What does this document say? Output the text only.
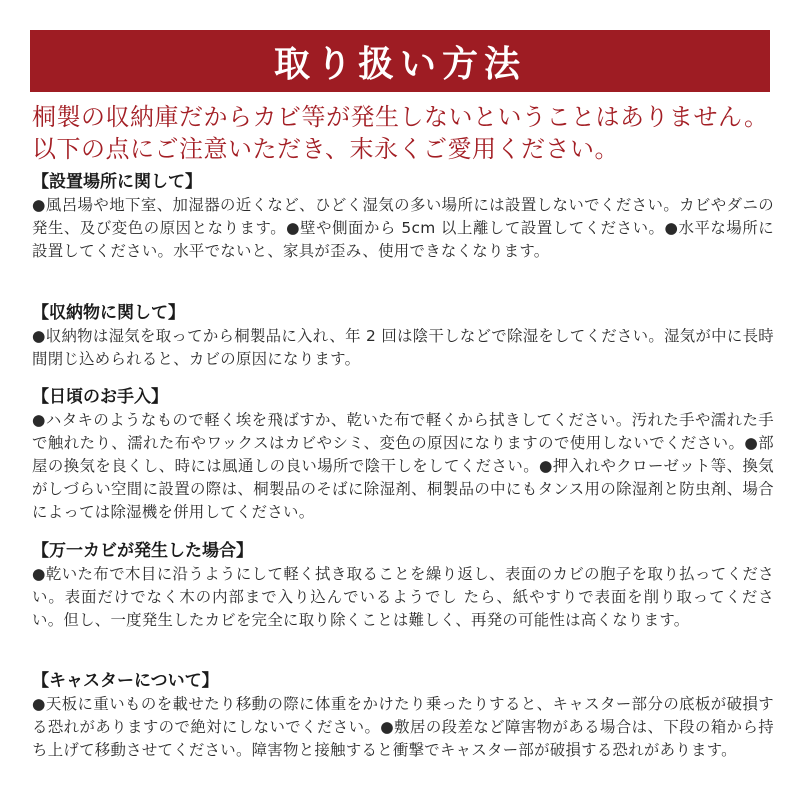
取り扱い方法
桐製の収納庫だからカビ等が発生しないということはありません。
以下の点にご注意いただき、末永くご愛用ください。
【設置場所に関して】
●風呂場や地下室、加湿器の近くなど、ひどく湿気の多い場所には設置しないでください。カビやダニの発生、及び変色の原因となります。●壁や側面から 5cm 以上離して設置してください。●水平な場所に設置してください。水平でないと、家具が歪み、使用できなくなります。
【収納物に関して】
●収納物は湿気を取ってから桐製品に入れ、年 2 回は陰干しなどで除湿をしてください。湿気が中に長時間閉じ込められると、カビの原因になります。
【日頃のお手入】
●ハタキのようなもので軽く埃を飛ばすか、乾いた布で軽くから拭きしてください。汚れた手や濡れた手で触れたり、濡れた布やワックスはカビやシミ、変色の原因になりますので使用しないでください。●部屋の換気を良くし、時には風通しの良い場所で陰干しをしてください。●押入れやクローゼット等、換気がしづらい空間に設置の際は、桐製品のそばに除湿剤、桐製品の中にもタンス用の除湿剤と防虫剤、場合によっては除湿機を併用してください。
【万一カビが発生した場合】
●乾いた布で木目に沿うようにして軽く拭き取ることを繰り返し、表面のカビの胞子を取り払ってください。表面だけでなく木の内部まで入り込んでいるようでし たら、紙やすりで表面を削り取ってください。但し、一度発生したカビを完全に取り除くことは難しく、再発の可能性は高くなります。
【キャスターについて】
●天板に重いものを載せたり移動の際に体重をかけたり乗ったりすると、キャスター部分の底板が破損する恐れがありますので絶対にしないでください。●敷居の段差など障害物がある場合は、下段の箱から持ち上げて移動させてください。障害物と接触すると衝撃でキャスター部が破損する恐れがあります。
